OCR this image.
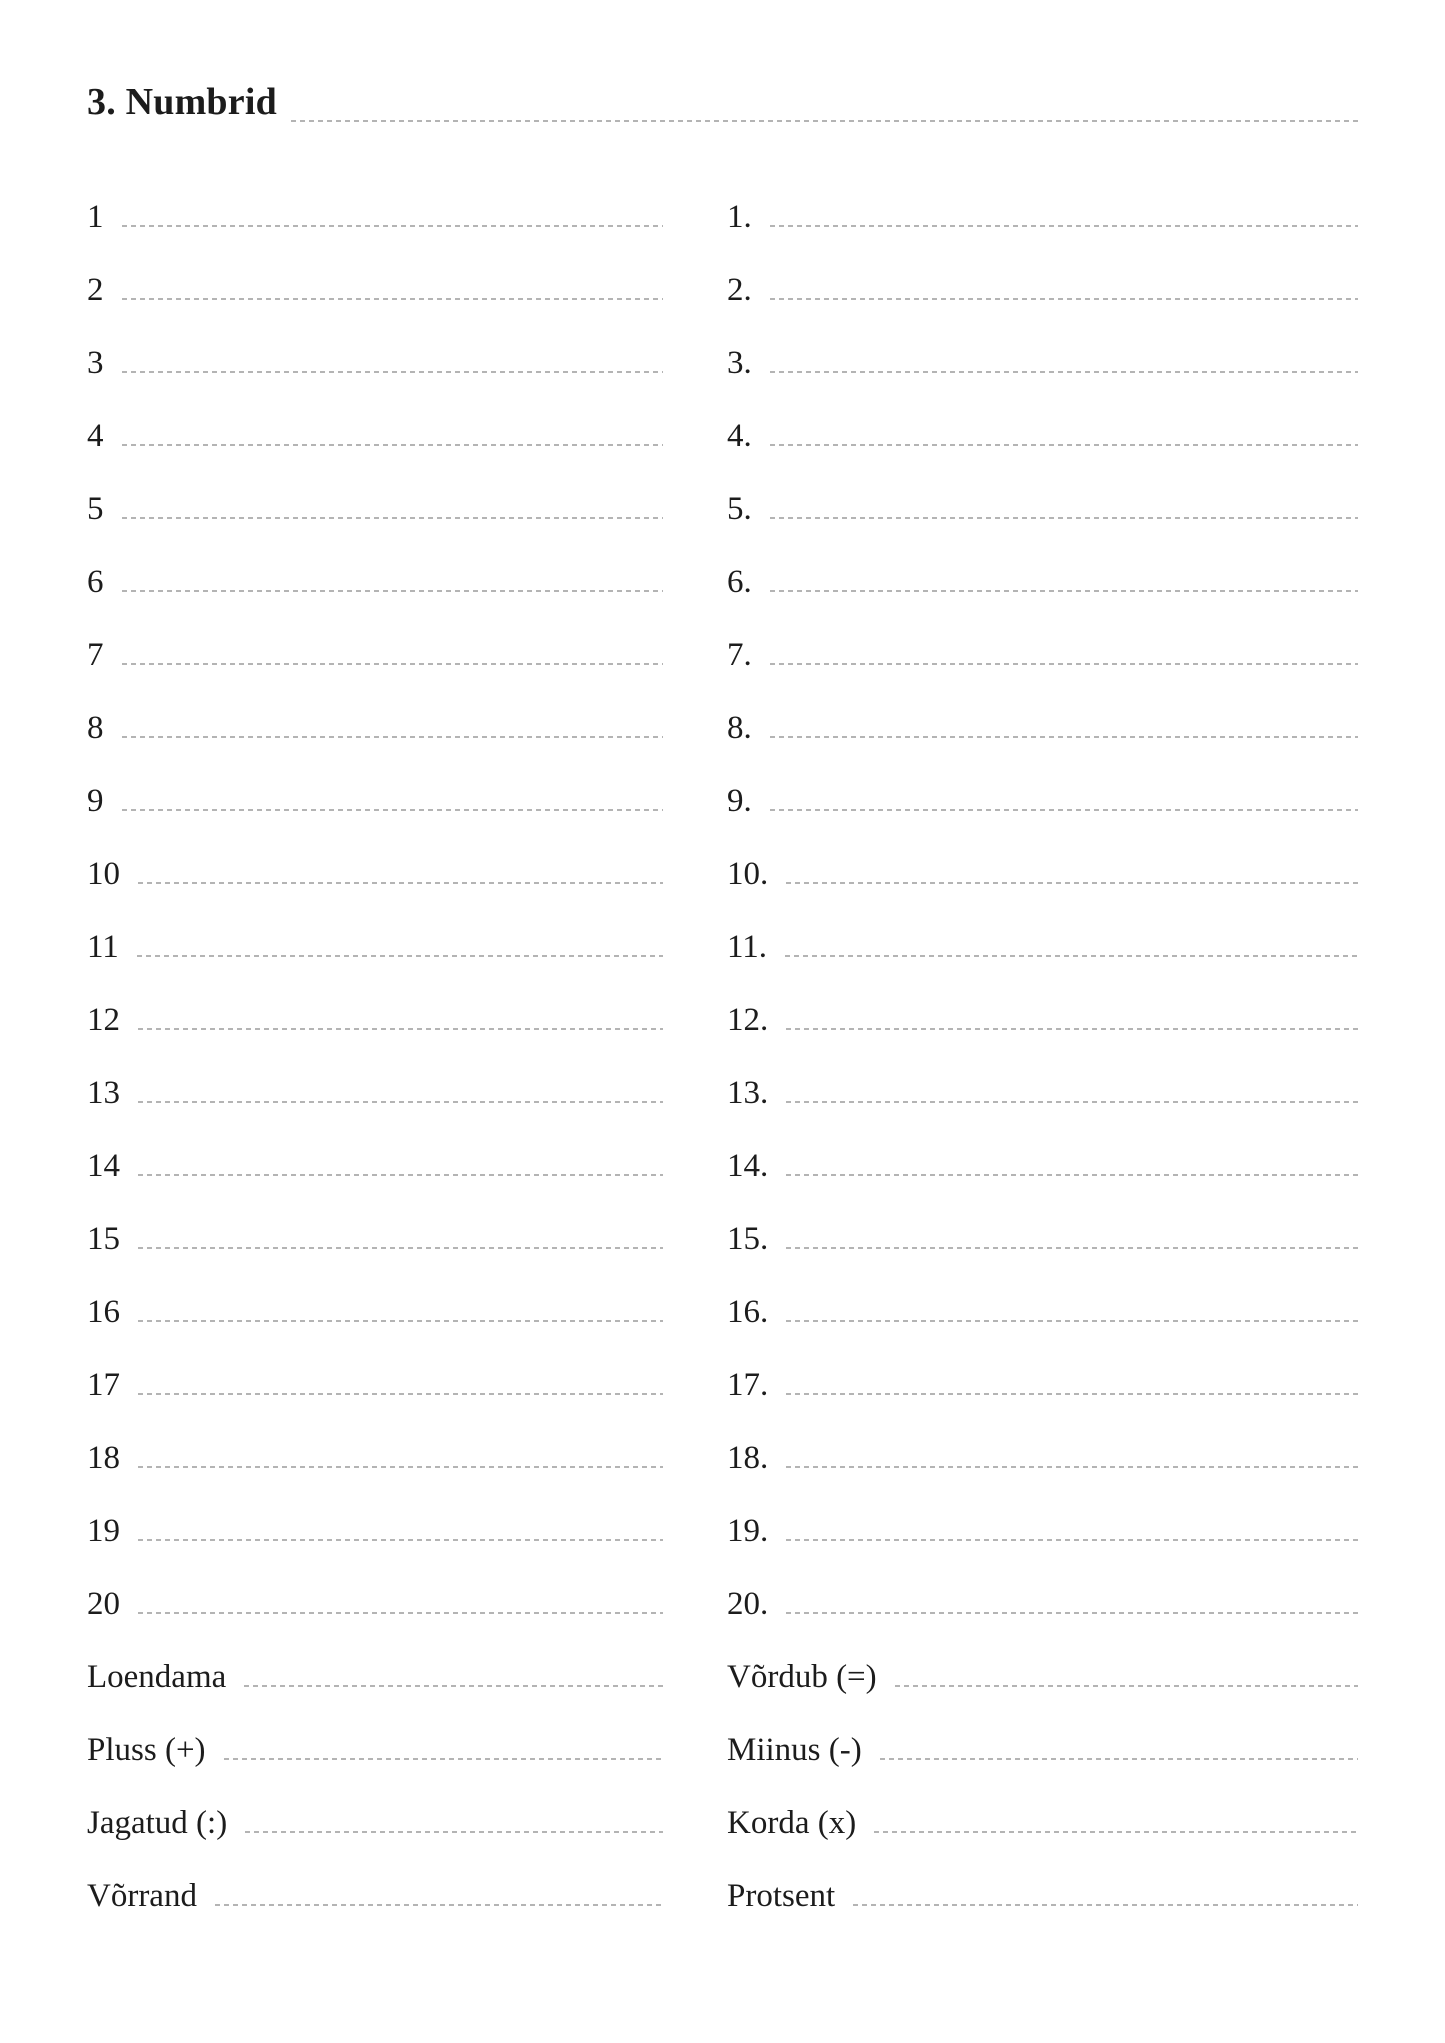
3. Numbrid
1
2
3
4
5
6
7
8
9
10
11
12
13
14
15
16
17
18
19
20
Loendama
Pluss (+)
Jagatud (:)
Võrrand
1.
2.
3.
4.
5.
6.
7.
8.
9.
10.
11.
12.
13.
14.
15.
16.
17.
18.
19.
20.
Võrdub (=)
Miinus (-)
Korda (x)
Protsent
